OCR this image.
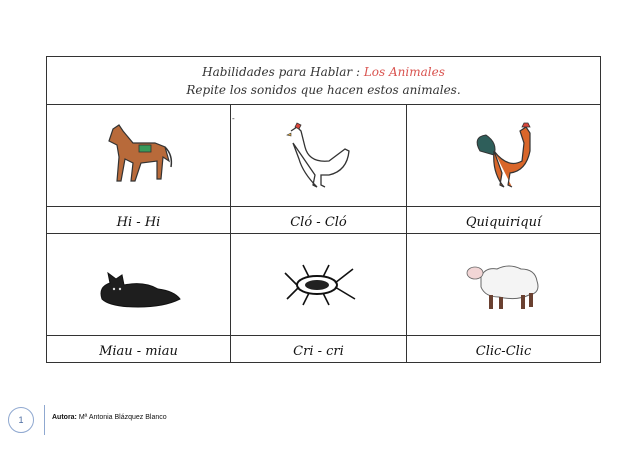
Habilidades para Hablar : Los Animales
Repite los sonidos que hacen estos animales.		

Hi - Hi	Cló - Cló	Quiquiriquí

Miau - miau	Cri - cri	Clic-Clic
-
1	Autora: Mª Antonia Blázquez Blanco
